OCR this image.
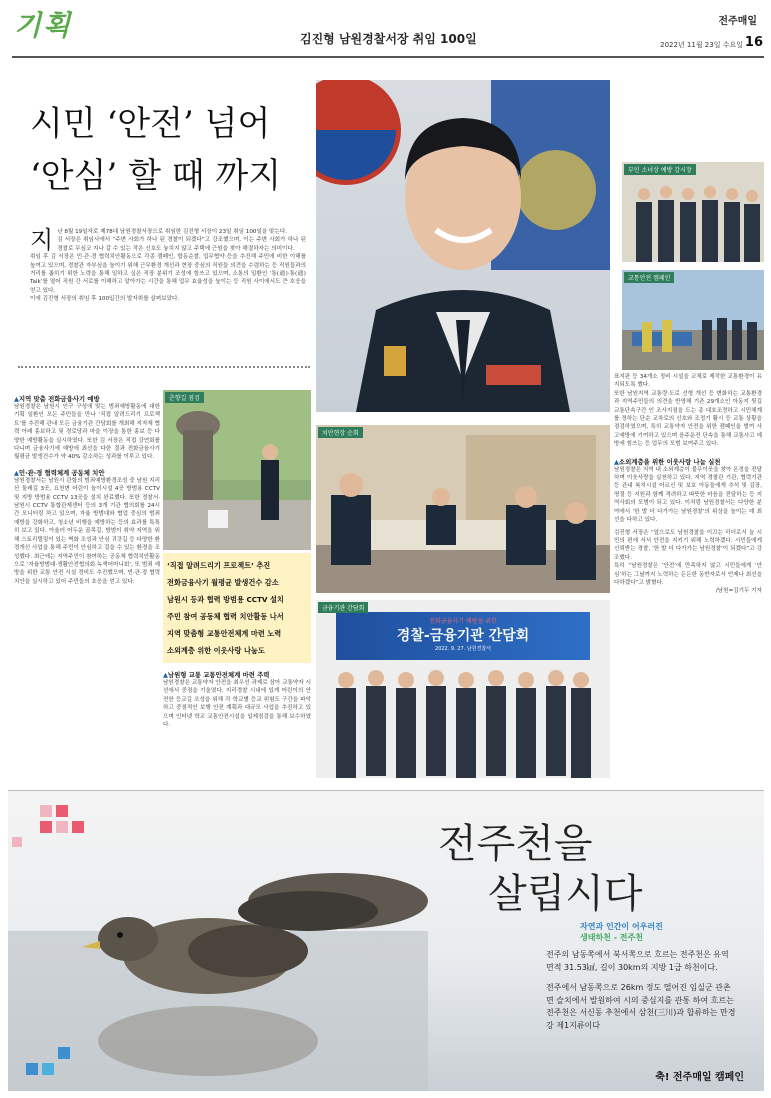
기획	김진형 남원경찰서장 취임 100일
전주매일
2022년 11월 23일 수요일 16
시민 ‘안전’ 넘어
‘안심’ 할 때 까지
지 난 8월 19일자로 제78대 남원경찰서장으로 취임한 김진형 서장이 23일 취임 100일을 맞는다.
김 서장은 취임사에서 “주변 사회가 하나 된 경찰이 되겠다”고 강조했으며, 이는 주변 사회가 하나 된 경찰로 무심코 지나 갈 수 있는 작은 신호도 놓치지 않고 주택에 근원을 찾아 해결하자는 의미이다.
취임 후 김 서장은 민·관·경 협력치안활동으로 각종 캠페인, 합동순찰, 업무협약 등을 추진해 주민에 비한 이해를 높여고 있으며, 경찰관 자부심을 높이기 위해 근무환경 개선과 현장 중심의 직원들 의견을 수렴하는 등 직원들과의 거리를 좁히기 위한 노력을 통해 일하고 싶은 직장 분위기 조성에 힘쓰고 있으며, 소통의 일환인 ‘통(通)·통(通) Talk’를 열어 직원 간 서로를 이해하고 알아가는 시간을 통해 업무 효율성을 높이는 등 직원 사이에서도 큰 호응을 얻고 있다.
이에 김진형 서장의 취임 후 100일간의 발자취를 살펴보았다.
▲지역 맞춤 전화금융사기 예방
남원경찰은 남원시 인구 구성에 맞는 범죄예방활동에 대한 기획 일환인 모든 주민들을 만나 ‘직접 알려드리기 프로젝트’를 추진해 관내 모든 금융기관 간담회를 개최해 지자체 협력 아래 홍보하고 및 경로당과 마을 이장을 통한 홍보 등 다양한 예방활동을 실시하였다. 또한 김 서장은 직접 강연회를 다니며 금융사기에 예방에 최선을 다한 결과 전화금융사기 월평균 발생건수가 약 40% 감소하는 성과를 이루고 있다.
▲민·관·경 협력체계 공동체 치안
남원경찰서는 남원시 관할의 범죄예방환경조성 중 남원 지리산 둘레길 3곳, 요천변 어린이 놀이시설 4곳 방범용 CCTV 및 지방 방범용 CCTV 13곳을 설치 완료했다. 또한 경찰서·남원시 CCTV 통합관제센터 등의 3개 기관 협의회를 24시간 모니터링 하고 있으며, 자율 방범대와 협업 중심의 범죄 예방을 강화하고, 청소년 비행을 예방하는 등의 효과를 톡톡히 보고 있다. 아울러 어두운 골목길, 방범이 취약 지역을 위해 스토리텔링이 있는 벽화 조성과 안심 귀갓길 등 다양한 환경개선 사업을 통해 주민이 안심하고 걸을 수 있는 환경을 조성했다. 최근에는 지역주민이 참여하는 공동체 협력치안활동으로 ‘자율방범대·생활안전협의회·녹색어머니회’, 또 범죄 예방을 위한 교통 안전 시설 정비도 추진했으며, 빈·관·경 협력치안을 실시하고 있어 주민들의 호응을 얻고 있다.
춘향길 점검
‘직접 알려드리기 프로젝트’ 추진
전화금융사기 월평균 발생건수 감소
남원시 등과 협력 방범용 CCTV 설치
주민 참여 공동체 협력 치안활동 나서
지역 맞춤형 교통안전체계 마련 노력
소외계층 위한 이웃사랑 나눔도
▲남원형 교통 교통안전체계 마련 주력
남원경찰은 교통약자 안전을 최우선 과제로 삼아 교통약자 시선에서 중점을 기울였다. 지리경찰 시내에 있게 어린이의 안전한 등교길 조성을 위해 각 학교별 등교 위험도 구간을 파악하고 중점적인 보행 안전 계획과 대규모 사업을 추진하고 있으며 인터넷 학교 교통안전시설을 일제점검을 통해 보수하였다.
치안현장 순회
금융기관 간담회
전화금융사기 예방을 위한
경찰-금융기관 간담회
2022. 9. 27. 남원경찰서
부인 소녀상 예방 감시장
교통안전 캠페인
표지판 등 34개소 정비 시설을 교체로 제작한 교통환경이 유지되도록 했다.
또한 남원지역 교통량·도로 선형 개선 등 변화하는 교통환경과 지역주민들의 의견을 반영해 기존 29개소인 아동지 뒷길 교통단속구간 인 조사지점을 도는 종 대호조정하고 시민체계를 정하는 단순 교차로의 신호와 조정기 활시 등 교통 상황을 점검하였으며, 특히 교통약자 안전을 위한 캠페인을 벌여 사고예방에 기여하고 있으며 음주운전 단속을 통해 교통사고 예방에 힘쓰는 등 업무의 모범 보여주고 있다.
▲소외계층을 위한 이웃사랑 나눔 실천
남원경찰은 지역 내 소외계층이 불우이웃을 찾아 온정을 전달하며 이웃사랑을 실천하고 있다. 지역 경찰관 기관, 협력기관 등 관내 복지시설 어르신 및 보호 아동들에게 추석 및 김장, 명절 등 지원과 함께 격려하고 따뜻한 마음을 전달하는 등 지역사회의 모범이 되고 있다. 이처럼 남원경찰서는 다양한 분야에서 ‘한 발 더 다가가는 남원경찰’의 위상을 높이는 데 최선을 다하고 있다.
김진형 서장은 “앞으로도 남원경찰을 이끄는 리더로서 늘 시민의 편에 서서 안전을 지키기 위해 노력하겠다. 시민들에게 신뢰받는 경찰, ‘한 발 더 다가가는 남원경찰’이 되겠다”고 강조했다.
특히 “남원경찰은 ‘안전’에 만족하지 않고 시민들에게 ‘안심’하는 그날까지 노력하는 든든한 동반자로서 언제나 최선을 다하겠다”고 밝혔다.
/남원=김기두 기자
전주천을
살립시다
자연과 인간이 어우러진
생태하천 - 전주천
전주의 남동쪽에서 북서쪽으로 흐르는 전주천은 유역면적 31.53㎢, 길이 30km의 지방 1급 하천이다.
전주에서 남동쪽으로 26km 정도 떨어진 임실군 관촌면 슬치에서 발원하여 시의 중심지를 관통 하여 흐르는 전주천은 서신동 추천에서 삼천(三川)과 합류하는 만경강 제1지류이다
축! 전주매일 캠페인
